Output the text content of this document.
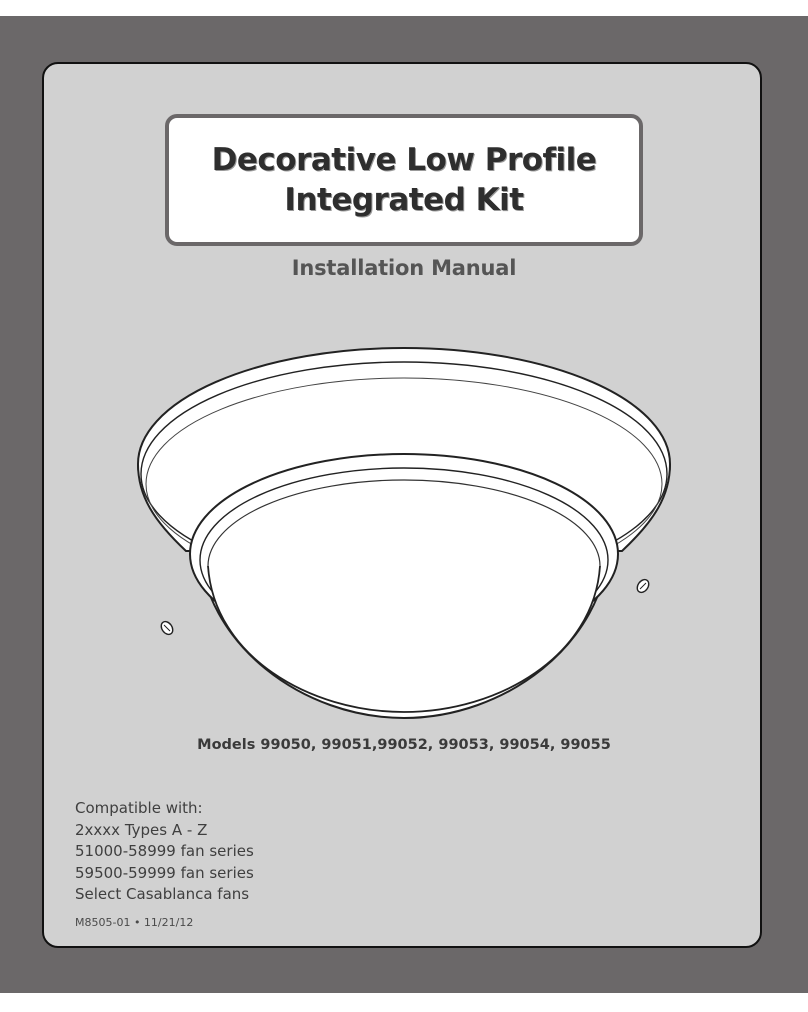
Decorative Low Profile
Integrated Kit
Installation Manual
Models 99050, 99051,99052, 99053, 99054, 99055
Compatible with:
2xxxx Types A - Z
51000-58999 fan series
59500-59999 fan series
Select Casablanca fans
M8505-01 • 11/21/12
